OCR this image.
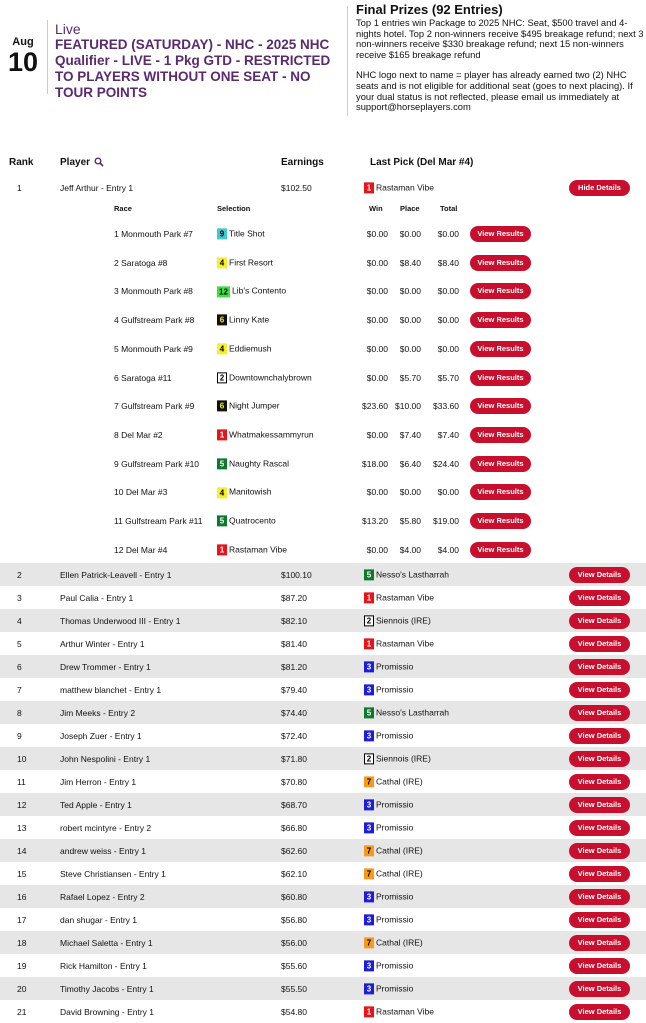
Aug
10
Live
FEATURED (SATURDAY) - NHC - 2025 NHC Qualifier - LIVE - 1 Pkg GTD - RESTRICTED TO PLAYERS WITHOUT ONE SEAT - NO TOUR POINTS
Final Prizes (92 Entries)

Top 1 entries win Package to 2025 NHC: Seat, $500 travel and 4-nights hotel. Top 2 non-winners receive $495 breakage refund; next 3 non-winners receive $330 breakage refund; next 15 non-winners receive $165 breakage refund

NHC logo next to name = player has already earned two (2) NHC seats and is not eligible for additional seat (goes to next placing). If your dual status is not reflected, please email us immediately at support@horseplayers.com

Rank	Player	Earnings	Last Pick (Del Mar #4)
1	Jeff Arthur - Entry 1	$102.50	1 Rastaman Vibe	Hide Details
Race	Selection	Win Place	Total
1 Monmouth Park #7	9 Title Shot	$0.00 $0.00 $0.00	View Results
2 Saratoga #8	4 First Resort	$0.00 $8.40 $8.40	View Results
3 Monmouth Park #8	12 Lib's Contento	$0.00 $0.00 $0.00	View Results
4 Gulfstream Park #8	6 Linny Kate	$0.00 $0.00 $0.00	View Results
5 Monmouth Park #9	4 Eddiemush	$0.00 $0.00 $0.00	View Results
6 Saratoga #11	2 Downtownchalybrown	$0.00 $5.70 $5.70	View Results
7 Gulfstream Park #9	6 Night Jumper	$23.60 $10.00 $33.60	View Results
8 Del Mar #2	1 Whatmakessammyrun	$0.00 $7.40 $7.40	View Results
9 Gulfstream Park #10	5 Naughty Rascal	$18.00 $6.40 $24.40	View Results
10 Del Mar #3	4 Manitowish	$0.00 $0.00 $0.00	View Results
11 Gulfstream Park #11	5 Quatrocento	$13.20 $5.80 $19.00	View Results
12 Del Mar #4	1 Rastaman Vibe	$0.00 $4.00 $4.00	View Results
2	Ellen Patrick-Leavell - Entry 1	$100.10	5 Nesso's Lastharrah	View Details
3	Paul Calia - Entry 1	$87.20	1 Rastaman Vibe	View Details
4	Thomas Underwood III - Entry 1	$82.10	2 Siennois (IRE)	View Details
5	Arthur Winter - Entry 1	$81.40	1 Rastaman Vibe	View Details
6	Drew Trommer - Entry 1	$81.20	3 Promissio	View Details
7	matthew blanchet - Entry 1	$79.40	3 Promissio	View Details
8	Jim Meeks - Entry 2	$74.40	5 Nesso's Lastharrah	View Details
9	Joseph Zuer - Entry 1	$72.40	3 Promissio	View Details
10	John Nespolini - Entry 1	$71.80	2 Siennois (IRE)	View Details
11	Jim Herron - Entry 1	$70.80	7 Cathal (IRE)	View Details
12	Ted Apple - Entry 1	$68.70	3 Promissio	View Details
13	robert mcintyre - Entry 2	$66.80	3 Promissio	View Details
14	andrew weiss - Entry 1	$62.60	7 Cathal (IRE)	View Details
15	Steve Christiansen - Entry 1	$62.10	7 Cathal (IRE)	View Details
16	Rafael Lopez - Entry 2	$60.80	3 Promissio	View Details
17	dan shugar - Entry 1	$56.80	3 Promissio	View Details
18	Michael Saletta - Entry 1	$56.00	7 Cathal (IRE)	View Details
19	Rick Hamilton - Entry 1	$55.60	3 Promissio	View Details
20	Timothy Jacobs - Entry 1	$55.50	3 Promissio	View Details
21	David Browning - Entry 1	$54.80	1 Rastaman Vibe	View Details
